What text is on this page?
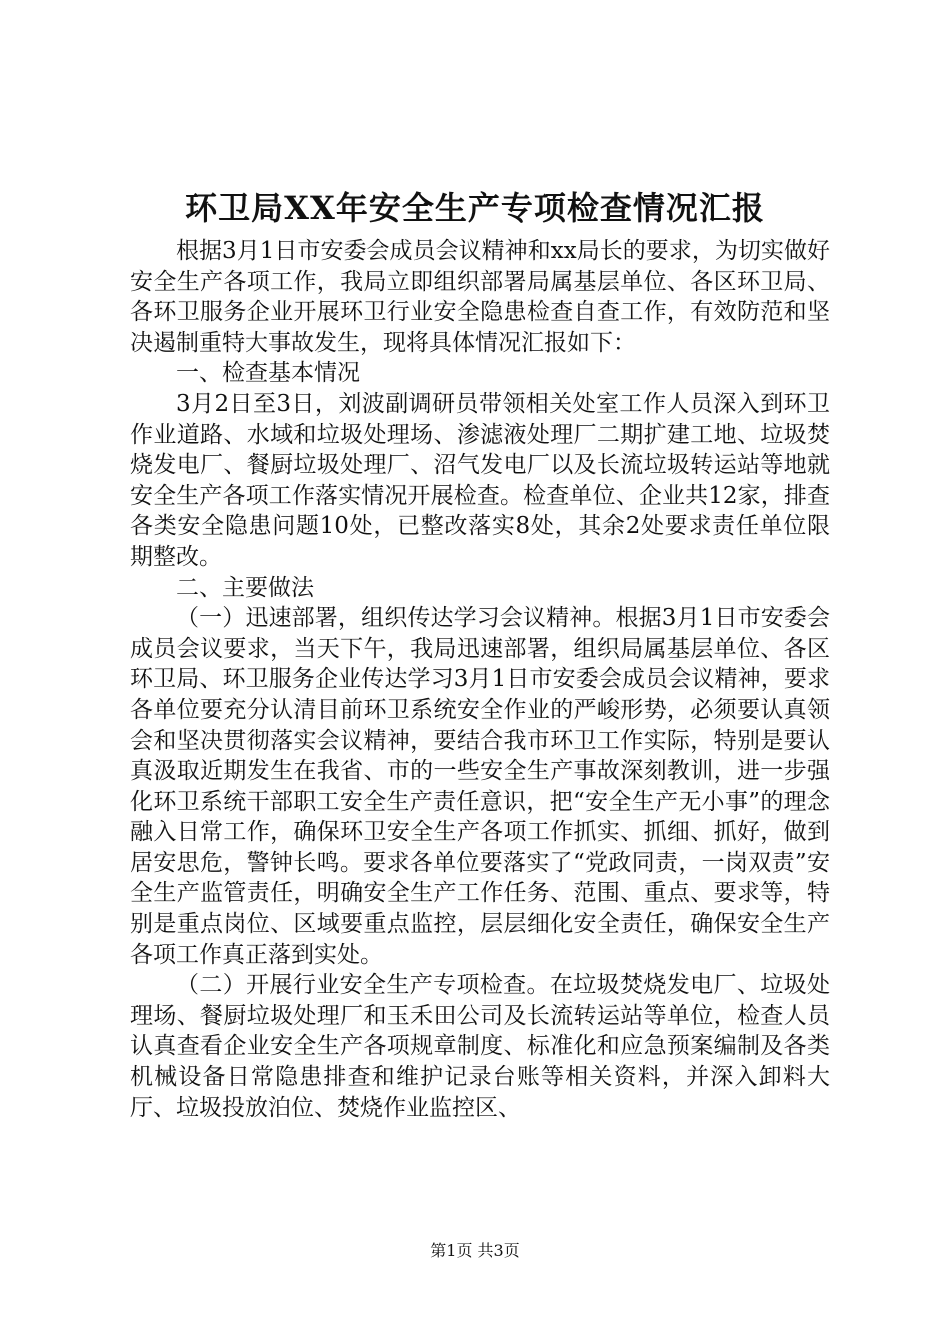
环卫局XX年安全生产专项检查情况汇报

根据3月1日市安委会成员会议精神和xx局长的要求，为切实做好安全生产各项工作，我局立即组织部署局属基层单位、各区环卫局、各环卫服务企业开展环卫行业安全隐患检查自查工作，有效防范和坚决遏制重特大事故发生，现将具体情况汇报如下：

一、检查基本情况

3月2日至3日，刘波副调研员带领相关处室工作人员深入到环卫作业道路、水域和垃圾处理场、渗滤液处理厂二期扩建工地、垃圾焚烧发电厂、餐厨垃圾处理厂、沼气发电厂以及长流垃圾转运站等地就安全生产各项工作落实情况开展检查。检查单位、企业共12家，排查各类安全隐患问题10处，已整改落实8处，其余2处要求责任单位限期整改。

二、主要做法

（一）迅速部署，组织传达学习会议精神。根据3月1日市安委会成员会议要求，当天下午，我局迅速部署，组织局属基层单位、各区环卫局、环卫服务企业传达学习3月1日市安委会成员会议精神，要求各单位要充分认清目前环卫系统安全作业的严峻形势，必须要认真领会和坚决贯彻落实会议精神，要结合我市环卫工作实际，特别是要认真汲取近期发生在我省、市的一些安全生产事故深刻教训，进一步强化环卫系统干部职工安全生产责任意识，把“安全生产无小事”的理念融入日常工作，确保环卫安全生产各项工作抓实、抓细、抓好，做到居安思危，警钟长鸣。要求各单位要落实了“党政同责，一岗双责”安全生产监管责任，明确安全生产工作任务、范围、重点、要求等，特别是重点岗位、区域要重点监控，层层细化安全责任，确保安全生产各项工作真正落到实处。

（二）开展行业安全生产专项检查。在垃圾焚烧发电厂、垃圾处理场、餐厨垃圾处理厂和玉禾田公司及长流转运站等单位，检查人员认真查看企业安全生产各项规章制度、标准化和应急预案编制及各类机械设备日常隐患排查和维护记录台账等相关资料，并深入卸料大厅、垃圾投放泊位、焚烧作业监控区、

第1页 共3页
